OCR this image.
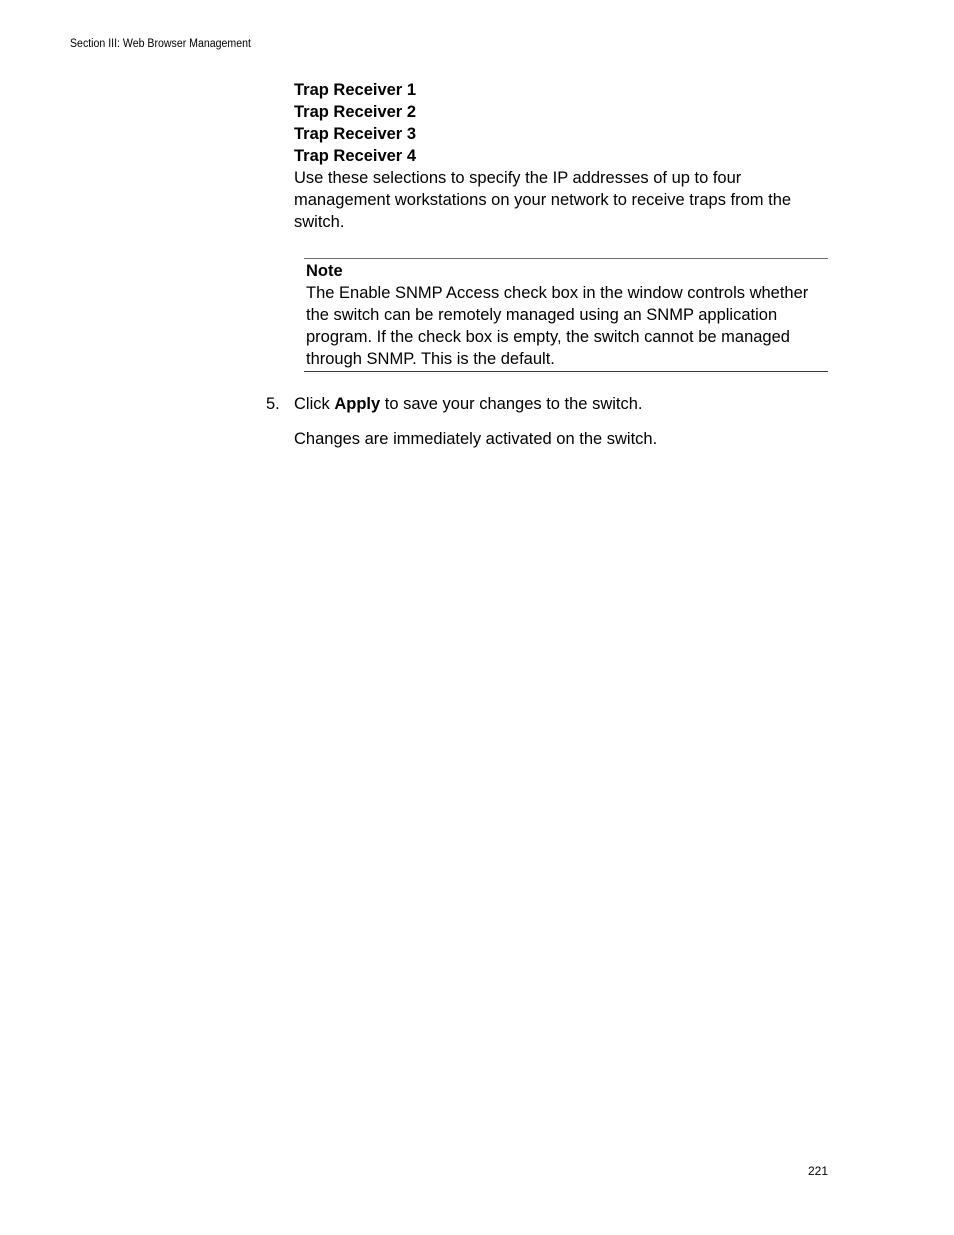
Section III: Web Browser Management
Trap Receiver 1
Trap Receiver 2
Trap Receiver 3
Trap Receiver 4

Use these selections to specify the IP addresses of up to four management workstations on your network to receive traps from the switch.

Note

The Enable SNMP Access check box in the window controls whether the switch can be remotely managed using an SNMP application program. If the check box is empty, the switch cannot be managed through SNMP. This is the default.

5. Click Apply to save your changes to the switch.
Changes are immediately activated on the switch.
221
